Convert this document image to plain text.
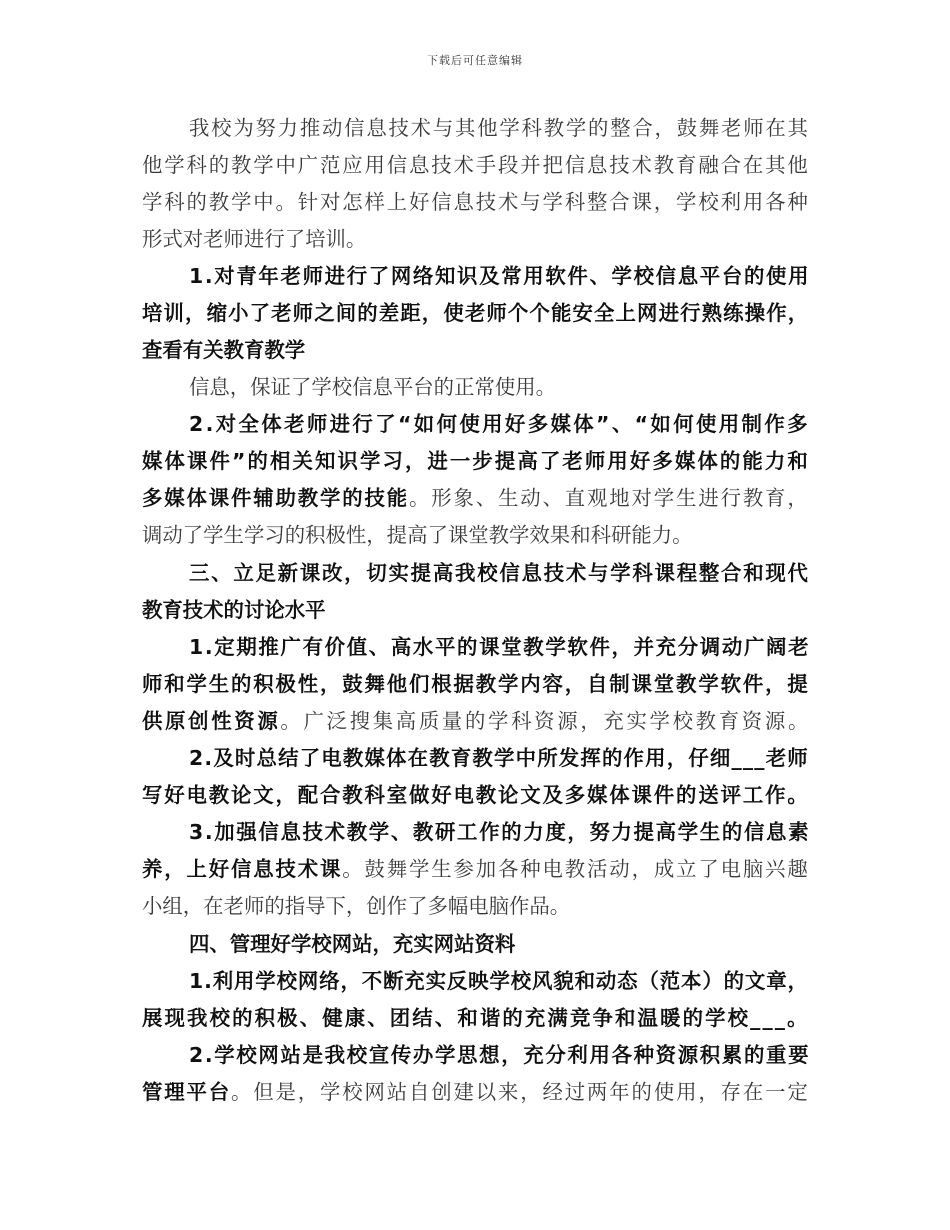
下载后可任意编辑
我校为努力推动信息技术与其他学科教学的整合，鼓舞老师在其
他学科的教学中广范应用信息技术手段并把信息技术教育融合在其他
学科的教学中。针对怎样上好信息技术与学科整合课，学校利用各种
形式对老师进行了培训。
1.对青年老师进行了网络知识及常用软件、学校信息平台的使用
培训，缩小了老师之间的差距，使老师个个能安全上网进行熟练操作，
查看有关教育教学
信息，保证了学校信息平台的正常使用。
2.对全体老师进行了“如何使用好多媒体”、“如何使用制作多
媒体课件”的相关知识学习，进一步提高了老师用好多媒体的能力和
多媒体课件辅助教学的技能。形象、生动、直观地对学生进行教育，
调动了学生学习的积极性，提高了课堂教学效果和科研能力。
三、立足新课改，切实提高我校信息技术与学科课程整合和现代
教育技术的讨论水平
1.定期推广有价值、高水平的课堂教学软件，并充分调动广阔老
师和学生的积极性，鼓舞他们根据教学内容，自制课堂教学软件，提
供原创性资源。广泛搜集高质量的学科资源，充实学校教育资源。
2.及时总结了电教媒体在教育教学中所发挥的作用，仔细___老师
写好电教论文，配合教科室做好电教论文及多媒体课件的送评工作。
3.加强信息技术教学、教研工作的力度，努力提高学生的信息素
养，上好信息技术课。鼓舞学生参加各种电教活动，成立了电脑兴趣
小组，在老师的指导下，创作了多幅电脑作品。
四、管理好学校网站，充实网站资料
1.利用学校网络，不断充实反映学校风貌和动态（范本）的文章，
展现我校的积极、健康、团结、和谐的充满竞争和温暖的学校___。
2.学校网站是我校宣传办学思想，充分利用各种资源积累的重要
管理平台。但是，学校网站自创建以来，经过两年的使用，存在一定
